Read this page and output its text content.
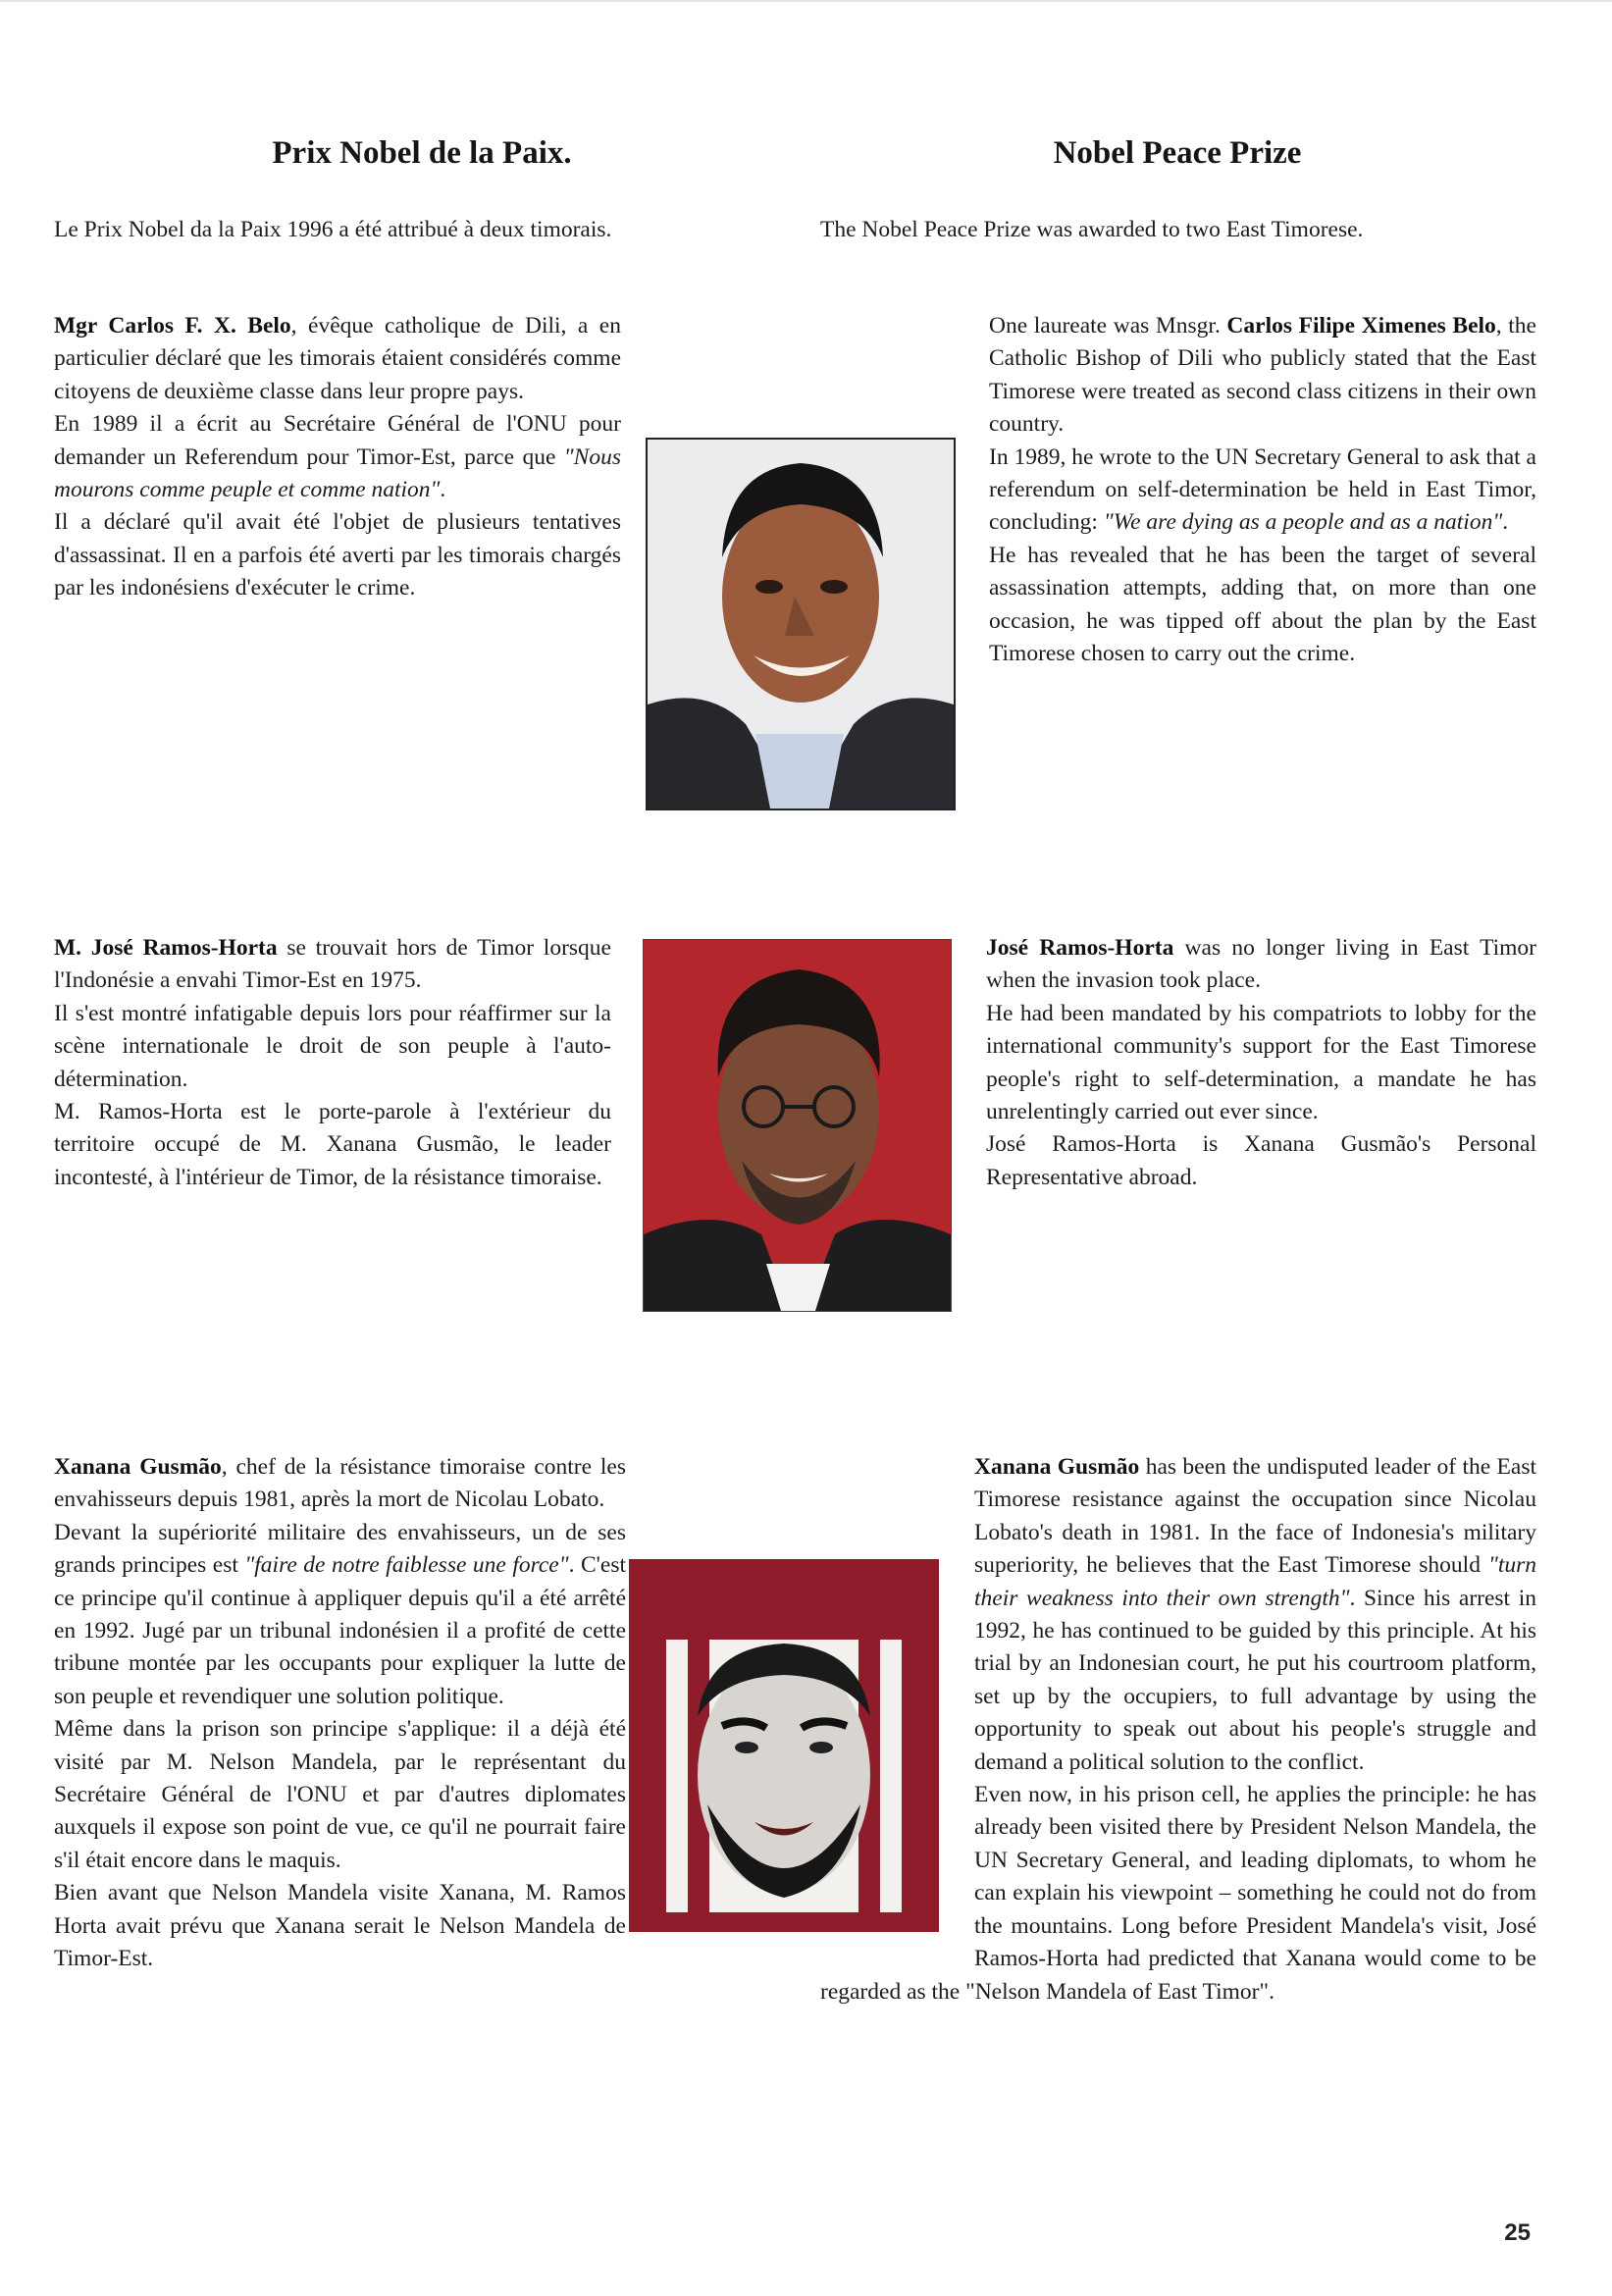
Prix Nobel de la Paix.	Nobel Peace Prize
Le Prix Nobel da la Paix 1996 a été attribué à deux timorais.	The Nobel Peace Prize was awarded to two East Timorese.

Mgr Carlos F. X. Belo, évêque catholique de Dili, a en particulier déclaré que les timorais étaient considérés comme citoyens de deuxième classe dans leur propre pays.

En 1989 il a écrit au Secrétaire Général de l'ONU pour demander un Referendum pour Timor-Est, parce que "Nous mourons comme peuple et comme nation".

Il a déclaré qu'il avait été l'objet de plusieurs tentatives d'assassinat. Il en a parfois été averti par les timorais chargés par les indonésiens d'exécuter le crime.

One laureate was Mnsgr. Carlos Filipe Ximenes Belo, the Catholic Bishop of Dili who publicly stated that the East Timorese were treated as second class citizens in their own country.

In 1989, he wrote to the UN Secretary General to ask that a referendum on self-determination be held in East Timor, concluding: "We are dying as a people and as a nation".

He has revealed that he has been the target of several assassination attempts, adding that, on more than one occasion, he was tipped off about the plan by the East Timorese chosen to carry out the crime.

M. José Ramos-Horta se trouvait hors de Timor lorsque l'Indonésie a envahi Timor-Est en 1975.

Il s'est montré infatigable depuis lors pour réaffirmer sur la scène internationale le droit de son peuple à l'auto-détermination.

M. Ramos-Horta est le porte-parole à l'extérieur du territoire occupé de M. Xanana Gusmão, le leader incontesté, à l'intérieur de Timor, de la résistance timoraise.

José Ramos-Horta was no longer living in East Timor when the invasion took place.

He had been mandated by his compatriots to lobby for the international community's support for the East Timorese people's right to self-determination, a mandate he has unrelentingly carried out ever since.

José Ramos-Horta is Xanana Gusmão's Personal Representative abroad.

Xanana Gusmão, chef de la résistance timoraise contre les envahisseurs depuis 1981, après la mort de Nicolau Lobato.

Devant la supériorité militaire des envahisseurs, un de ses grands principes est "faire de notre faiblesse une force". C'est ce principe qu'il continue à appliquer depuis qu'il a été arrêté en 1992. Jugé par un tribunal indonésien il a profité de cette tribune montée par les occupants pour expliquer la lutte de son peuple et revendiquer une solution politique.

Même dans la prison son principe s'applique: il a déjà été visité par M. Nelson Mandela, par le représentant du Secrétaire Général de l'ONU et par d'autres diplomates auxquels il expose son point de vue, ce qu'il ne pourrait faire s'il était encore dans le maquis.

Bien avant que Nelson Mandela visite Xanana, M. Ramos Horta avait prévu que Xanana serait le Nelson Mandela de Timor-Est.

Xanana Gusmão has been the undisputed leader of the East Timorese resistance against the occupation since Nicolau Lobato's death in 1981. In the face of Indonesia's military superiority, he believes that the East Timorese should "turn their weakness into their own strength". Since his arrest in 1992, he has continued to be guided by this principle. At his trial by an Indonesian court, he put his courtroom platform, set up by the occupiers, to full advantage by using the opportunity to speak out about his people's struggle and demand a political solution to the conflict.

Even now, in his prison cell, he applies the principle: he has already been visited there by President Nelson Mandela, the UN Secretary General, and leading diplomats, to whom he can explain his viewpoint – something he could not do from the mountains. Long before President Mandela's visit, José Ramos-Horta had predicted that Xanana would come to be regarded as the "Nelson Mandela of East Timor".

25
